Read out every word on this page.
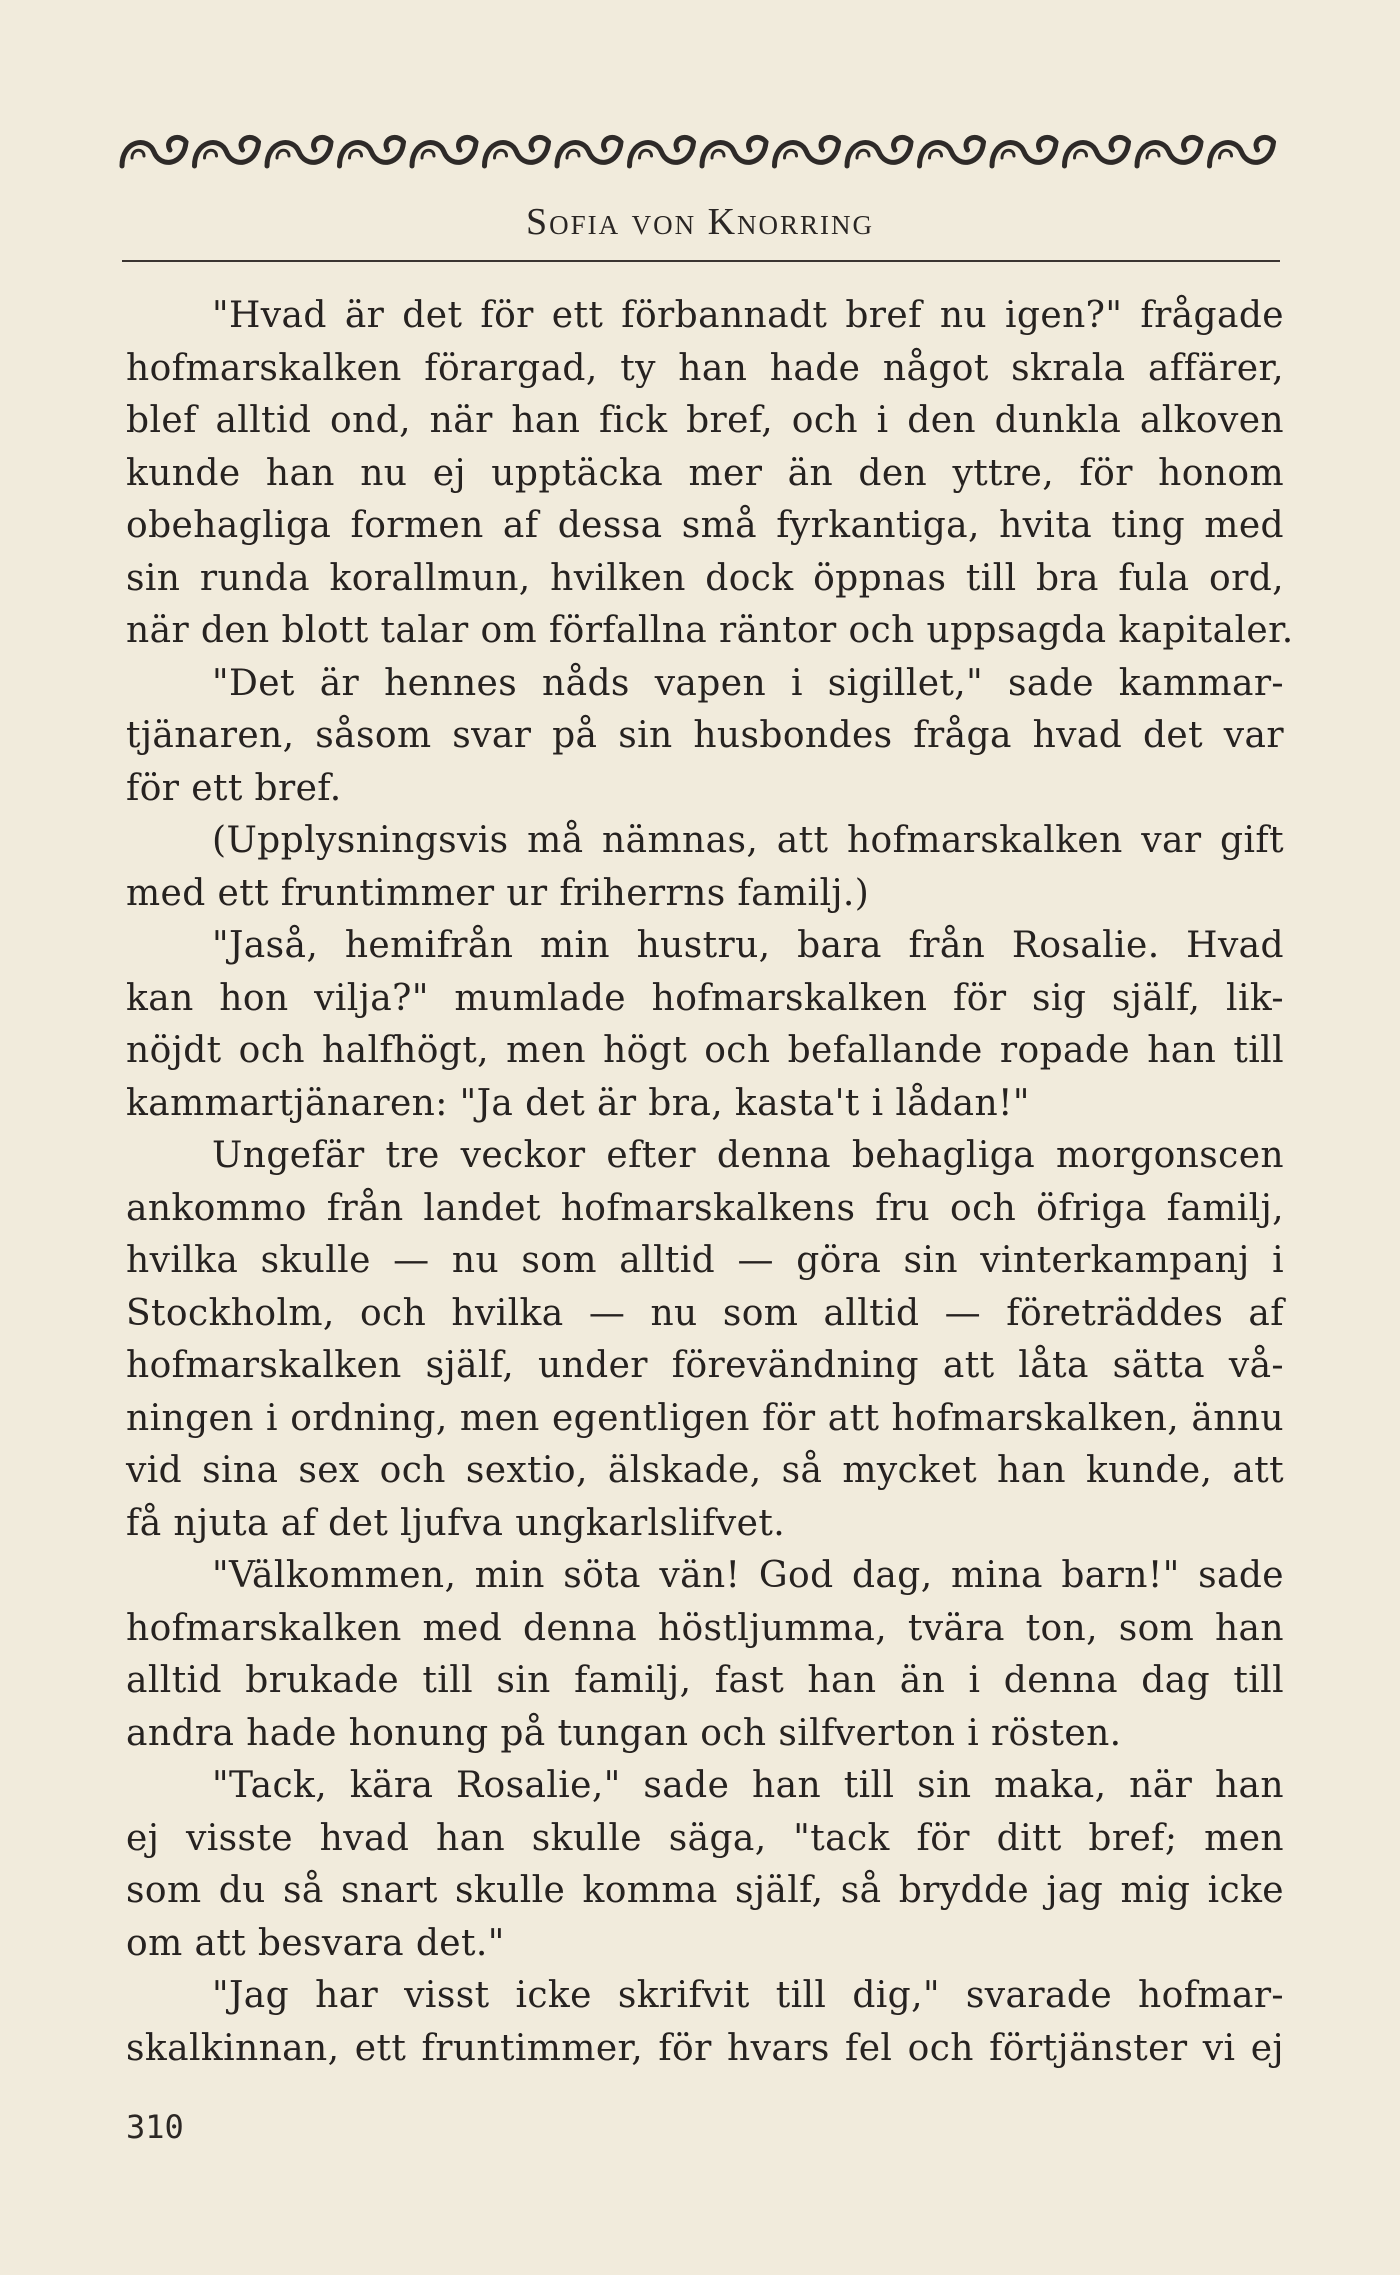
Sofia von Knorring
"Hvad är det för ett förbannadt bref nu igen?" frågade
hofmarskalken förargad, ty han hade något skrala affärer,
blef alltid ond, när han fick bref, och i den dunkla alkoven
kunde han nu ej upptäcka mer än den yttre, för honom
obehagliga formen af dessa små fyrkantiga, hvita ting med
sin runda korallmun, hvilken dock öppnas till bra fula ord,
när den blott talar om förfallna räntor och uppsagda kapitaler.
"Det är hennes nåds vapen i sigillet," sade kammar-
tjänaren, såsom svar på sin husbondes fråga hvad det var
för ett bref.
(Upplysningsvis må nämnas, att hofmarskalken var gift
med ett fruntimmer ur friherrns familj.)
"Jaså, hemifrån min hustru, bara från Rosalie. Hvad
kan hon vilja?" mumlade hofmarskalken för sig själf, lik-
nöjdt och halfhögt, men högt och befallande ropade han till
kammartjänaren: "Ja det är bra, kasta't i lådan!"
Ungefär tre veckor efter denna behagliga morgonscen
ankommo från landet hofmarskalkens fru och öfriga familj,
hvilka skulle — nu som alltid — göra sin vinterkampanj i
Stockholm, och hvilka — nu som alltid — företräddes af
hofmarskalken själf, under förevändning att låta sätta vå-
ningen i ordning, men egentligen för att hofmarskalken, ännu
vid sina sex och sextio, älskade, så mycket han kunde, att
få njuta af det ljufva ungkarlslifvet.
"Välkommen, min söta vän! God dag, mina barn!" sade
hofmarskalken med denna höstljumma, tvära ton, som han
alltid brukade till sin familj, fast han än i denna dag till
andra hade honung på tungan och silfverton i rösten.
"Tack, kära Rosalie," sade han till sin maka, när han
ej visste hvad han skulle säga, "tack för ditt bref; men
som du så snart skulle komma själf, så brydde jag mig icke
om att besvara det."
"Jag har visst icke skrifvit till dig," svarade hofmar-
skalkinnan, ett fruntimmer, för hvars fel och förtjänster vi ej
310
